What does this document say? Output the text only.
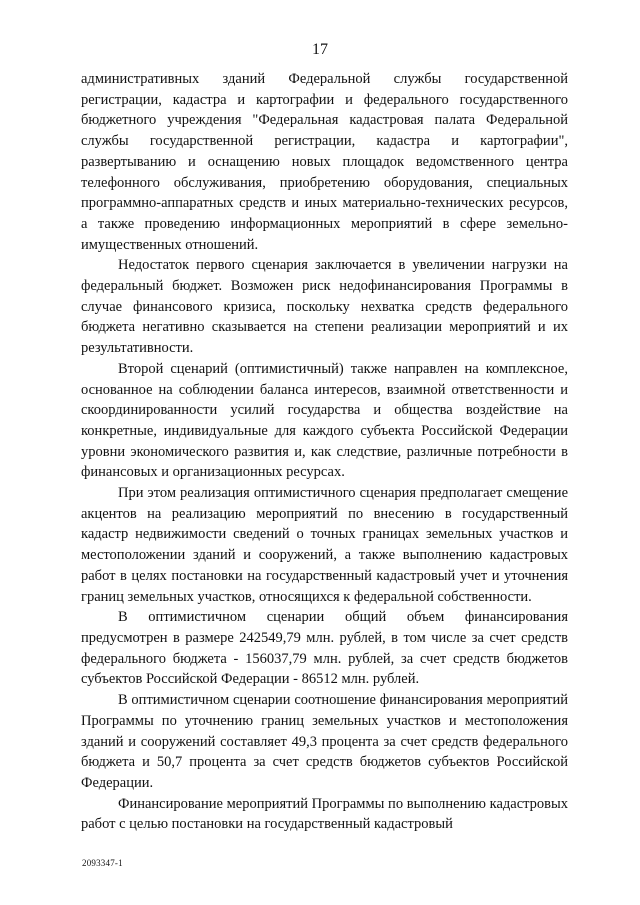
17

административных зданий Федеральной службы государственной регистрации, кадастра и картографии и федерального государственного бюджетного учреждения "Федеральная кадастровая палата Федеральной службы государственной регистрации, кадастра и картографии", развертыванию и оснащению новых площадок ведомственного центра телефонного обслуживания, приобретению оборудования, специальных программно-аппаратных средств и иных материально-технических ресурсов, а также проведению информационных мероприятий в сфере земельно-имущественных отношений.

Недостаток первого сценария заключается в увеличении нагрузки на федеральный бюджет. Возможен риск недофинансирования Программы в случае финансового кризиса, поскольку нехватка средств федерального бюджета негативно сказывается на степени реализации мероприятий и их результативности.

Второй сценарий (оптимистичный) также направлен на комплексное, основанное на соблюдении баланса интересов, взаимной ответственности и скоординированности усилий государства и общества воздействие на конкретные, индивидуальные для каждого субъекта Российской Федерации уровни экономического развития и, как следствие, различные потребности в финансовых и организационных ресурсах.

При этом реализация оптимистичного сценария предполагает смещение акцентов на реализацию мероприятий по внесению в государственный кадастр недвижимости сведений о точных границах земельных участков и местоположении зданий и сооружений, а также выполнению кадастровых работ в целях постановки на государственный кадастровый учет и уточнения границ земельных участков, относящихся к федеральной собственности.

В оптимистичном сценарии общий объем финансирования предусмотрен в размере 242549,79 млн. рублей, в том числе за счет средств федерального бюджета - 156037,79 млн. рублей, за счет средств бюджетов субъектов Российской Федерации - 86512 млн. рублей.

В оптимистичном сценарии соотношение финансирования мероприятий Программы по уточнению границ земельных участков и местоположения зданий и сооружений составляет 49,3 процента за счет средств федерального бюджета и 50,7 процента за счет средств бюджетов субъектов Российской Федерации.

Финансирование мероприятий Программы по выполнению кадастровых работ с целью постановки на государственный кадастровый

2093347-1
